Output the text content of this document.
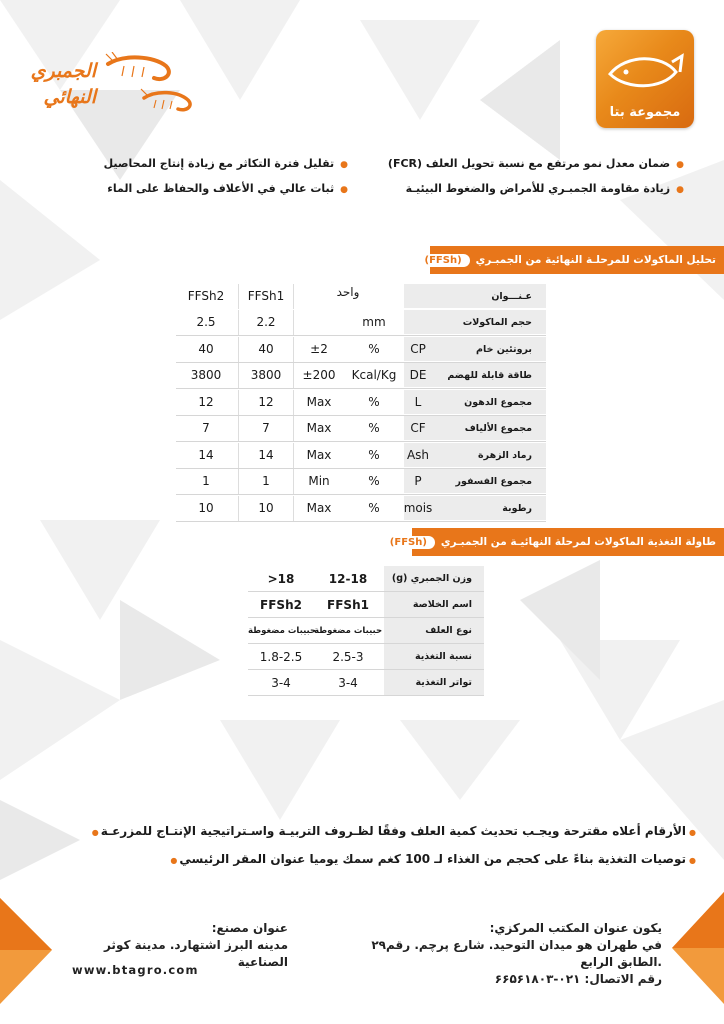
مجموعة بتا
الجمبري
النهائي
● ضمان معدل نمو مرتفع مع نسبة تحويل العلف (FCR)
● زيادة مقاومة الجمبـري للأمراض والضغوط البيئيـة
● تقليل فترة التكاثر مع زيادة إنتاج المحاصيل
● ثبات عالي في الأعلاف والحفاظ على الماء
تحليل الماكولات للمرحلـة النهائية من الجمبـري
(FFSh)
عـنـــوان
واحد
FFSh1
FFSh2
حجم الماكولات
mm
2.2
2.5
بروتئين خام
CP
%
±2
40
40
طاقة قابلة للهضم
DE
Kcal/Kg
±200
3800
3800
مجموع الدهون
L
%
Max
12
12
مجموع الألياف
CF
%
Max
7
7
رماد الزهرة
Ash
%
Max
14
14
مجموع الفسفور
P
%
Min
1
1
رطوبة
mois
%
Max
10
10
طاولة التغذية الماكولات لمرحلة النهائيـة من الجمبـري
(FFSh)
وزن الجمبري (g)
12-18
>18
اسم الخلاصة
FFSh1
FFSh2
نوع العلف
حبيبات مضغوطة
حبيبات مضغوطة
نسبة التغذية
2.5-3
1.8-2.5
تواتر التغذية
3-4
3-4
● الأرقام أعلاه مقترحة ويجـب تحديث كمية العلف وفقًا لظـروف التربيـة واسـتراتيجية الإنتـاج للمزرعـة ●
● توصيات التغذية بناءً على كحجم من الغذاء لـ 100 كغم سمك يوميا عنوان المقر الرئيسي ●
يكون عنوان المكتب المركزي:
في طهران هو ميدان التوحيد. شارع پرچم. رقم۲۹ .الطابق الرابع
رقم الاتصال: ۰۲۱-۶۶۵۶۱۸۰۳
عنوان مصنع:
مدينه البرز اشتهارد. مدينة كوثر الصناعية
www.btagro.com
